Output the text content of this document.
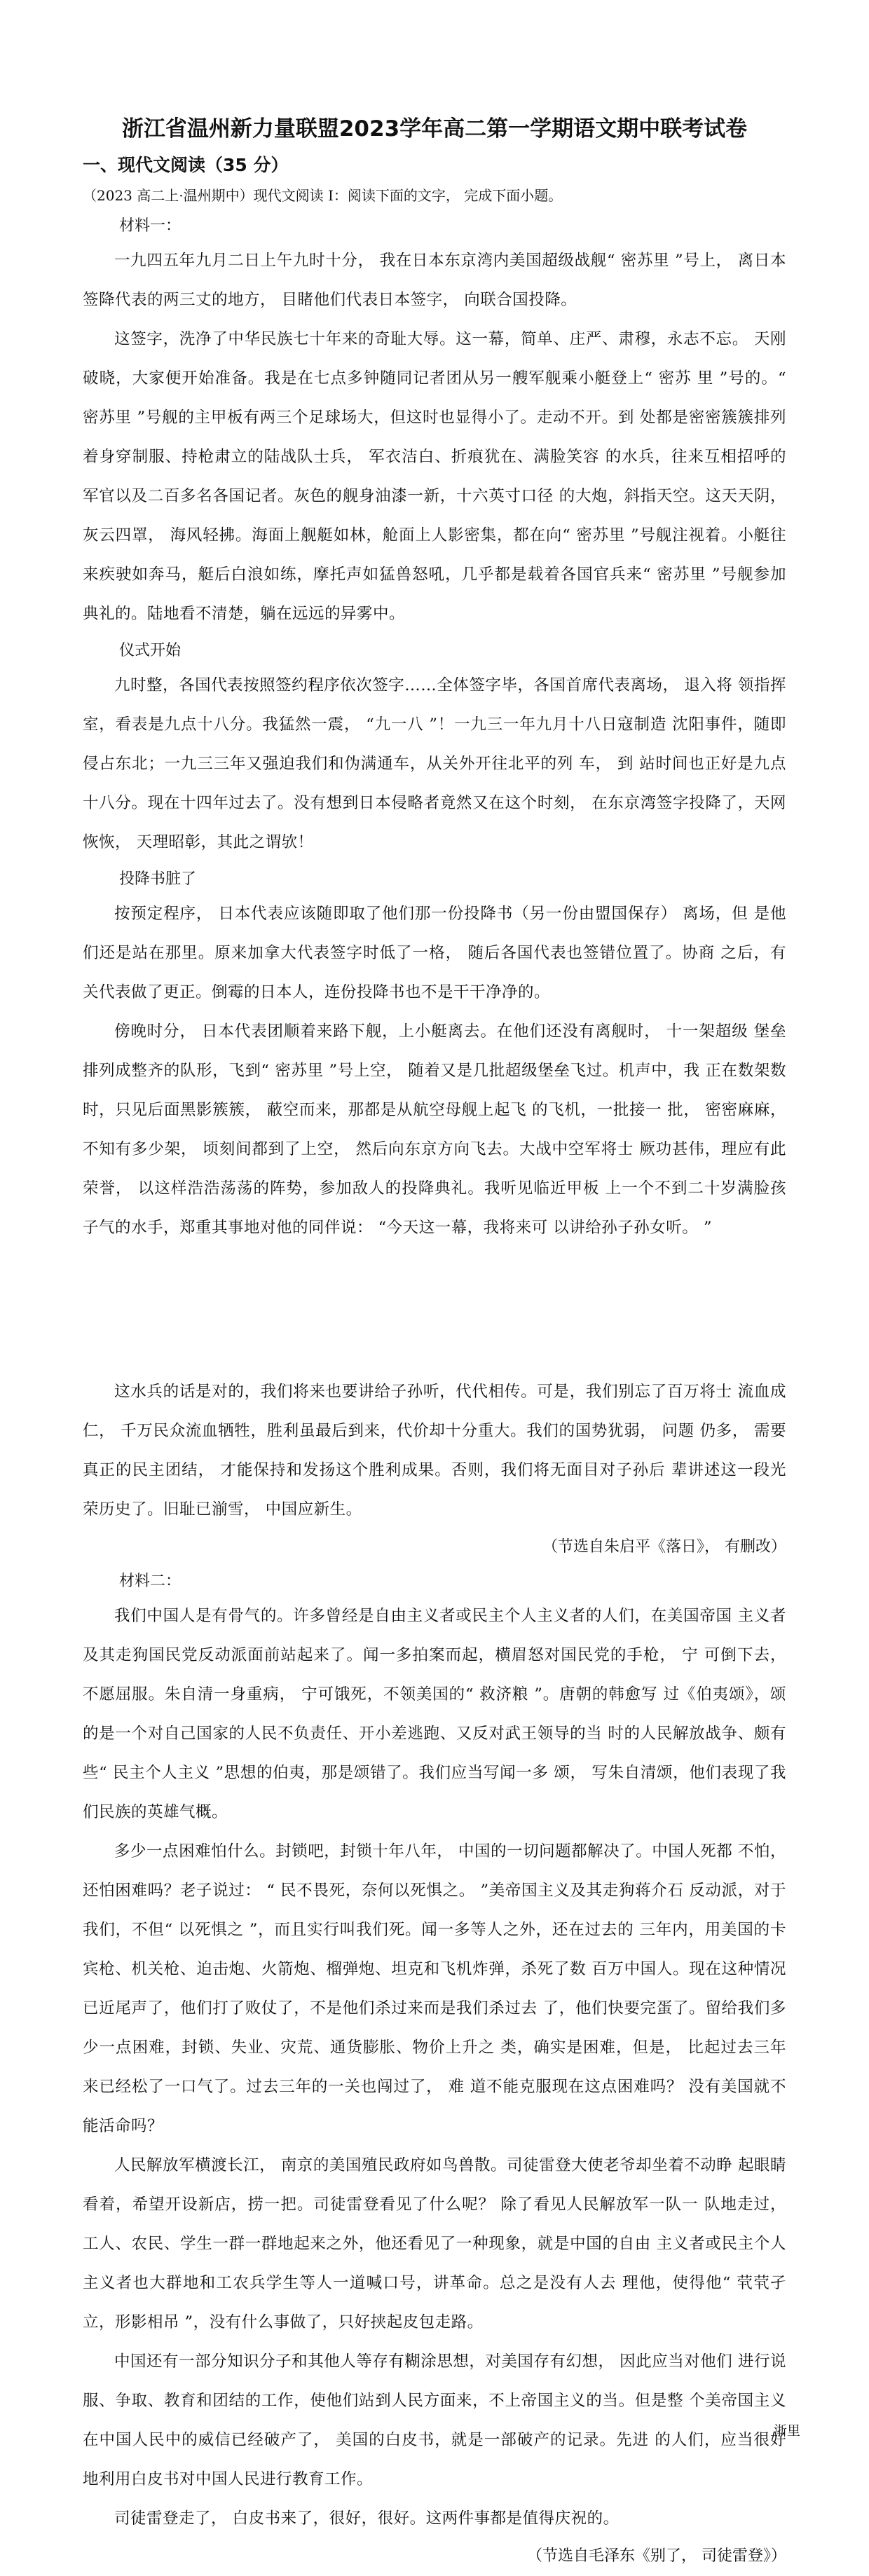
浙江省温州新力量联盟2023学年高二第一学期语文期中联考试卷
一、现代文阅读（35 分）

（2023 高二上·温州期中）现代文阅读 Ⅰ：阅读下面的文字， 完成下面小题。

材料一：

一九四五年九月二日上午九时十分， 我在日本东京湾内美国超级战舰“ 密苏里 ”号上， 离日本签降代表的两三丈的地方， 目睹他们代表日本签字， 向联合国投降。

这签字，洗净了中华民族七十年来的奇耻大辱。这一幕，简单、庄严、肃穆，永志不忘。 天刚破晓，大家便开始准备。我是在七点多钟随同记者团从另一艘军舰乘小艇登上“ 密苏 里 ”号的。“ 密苏里 ”号舰的主甲板有两三个足球场大，但这时也显得小了。走动不开。到 处都是密密簇簇排列着身穿制服、持枪肃立的陆战队士兵， 军衣洁白、折痕犹在、满脸笑容 的水兵，往来互相招呼的军官以及二百多名各国记者。灰色的舰身油漆一新，十六英寸口径 的大炮，斜指天空。这天天阴，灰云四罩， 海风轻拂。海面上舰艇如林，舱面上人影密集，都在向“ 密苏里 ”号舰注视着。小艇往来疾驶如奔马，艇后白浪如练，摩托声如猛兽怒吼，几乎都是载着各国官兵来“ 密苏里 ”号舰参加典礼的。陆地看不清楚，躺在远远的异雾中。

仪式开始

九时整，各国代表按照签约程序依次签字……全体签字毕，各国首席代表离场， 退入将 领指挥室，看表是九点十八分。我猛然一震， “九一八 ”！一九三一年九月十八日寇制造 沈阳事件，随即侵占东北；一九三三年又强迫我们和伪满通车，从关外开往北平的列 车， 到 站时间也正好是九点十八分。现在十四年过去了。没有想到日本侵略者竟然又在这个时刻， 在东京湾签字投降了，天网恢恢， 天理昭彰，其此之谓欤！

投降书脏了

按预定程序， 日本代表应该随即取了他们那一份投降书（另一份由盟国保存） 离场，但 是他们还是站在那里。原来加拿大代表签字时低了一格， 随后各国代表也签错位置了。协商 之后，有关代表做了更正。倒霉的日本人，连份投降书也不是干干净净的。

傍晚时分， 日本代表团顺着来路下舰，上小艇离去。在他们还没有离舰时， 十一架超级 堡垒排列成整齐的队形，飞到“ 密苏里 ”号上空， 随着又是几批超级堡垒飞过。机声中，我 正在数架数时，只见后面黑影簇簇， 蔽空而来，那都是从航空母舰上起飞 的飞机，一批接一 批， 密密麻麻，不知有多少架， 顷刻间都到了上空， 然后向东京方向飞去。大战中空军将士 厥功甚伟，理应有此荣誉， 以这样浩浩荡荡的阵势，参加敌人的投降典礼。我听见临近甲板 上一个不到二十岁满脸孩子气的水手，郑重其事地对他的同伴说： “今天这一幕，我将来可 以讲给孙子孙女听。 ”

这水兵的话是对的，我们将来也要讲给子孙听，代代相传。可是，我们别忘了百万将士 流血成仁， 千万民众流血牺牲，胜利虽最后到来，代价却十分重大。我们的国势犹弱， 问题 仍多， 需要真正的民主团结， 才能保持和发扬这个胜利成果。否则，我们将无面目对子孙后 辈讲述这一段光荣历史了。旧耻已湔雪， 中国应新生。

（节选自朱启平《落日》， 有删改）

材料二：

我们中国人是有骨气的。许多曾经是自由主义者或民主个人主义者的人们，在美国帝国 主义者及其走狗国民党反动派面前站起来了。闻一多拍案而起，横眉怒对国民党的手枪， 宁 可倒下去，不愿屈服。朱自清一身重病， 宁可饿死，不领美国的“ 救济粮 ”。唐朝的韩愈写 过《伯夷颂》，颂的是一个对自己国家的人民不负责任、开小差逃跑、又反对武王领导的当 时的人民解放战争、颇有些“ 民主个人主义 ”思想的伯夷，那是颂错了。我们应当写闻一多 颂， 写朱自清颂，他们表现了我们民族的英雄气概。

多少一点困难怕什么。封锁吧，封锁十年八年， 中国的一切问题都解决了。中国人死都 不怕，还怕困难吗？老子说过： “ 民不畏死，奈何以死惧之。 ”美帝国主义及其走狗蒋介石 反动派，对于我们，不但“ 以死惧之 ”，而且实行叫我们死。闻一多等人之外，还在过去的 三年内，用美国的卡宾枪、机关枪、迫击炮、火箭炮、榴弹炮、坦克和飞机炸弹，杀死了数 百万中国人。现在这种情况已近尾声了，他们打了败仗了，不是他们杀过来而是我们杀过去 了，他们快要完蛋了。留给我们多少一点困难，封锁、失业、灾荒、通货膨胀、物价上升之 类，确实是困难，但是， 比起过去三年来已经松了一口气了。过去三年的一关也闯过了， 难 道不能克服现在这点困难吗？ 没有美国就不能活命吗？

人民解放军横渡长江， 南京的美国殖民政府如鸟兽散。司徒雷登大使老爷却坐着不动睁 起眼睛看着，希望开设新店，捞一把。司徒雷登看见了什么呢？ 除了看见人民解放军一队一 队地走过，工人、农民、学生一群一群地起来之外，他还看见了一种现象，就是中国的自由 主义者或民主个人主义者也大群地和工农兵学生等人一道喊口号，讲革命。总之是没有人去 理他，使得他“ 茕茕孑立，形影相吊 ”，没有什么事做了，只好挟起皮包走路。

中国还有一部分知识分子和其他人等存有糊涂思想，对美国存有幻想， 因此应当对他们 进行说服、争取、教育和团结的工作，使他们站到人民方面来，不上帝国主义的当。但是整 个美帝国主义在中国人民中的威信已经破产了， 美国的白皮书，就是一部破产的记录。先进 的人们，应当很好地利用白皮书对中国人民进行教育工作。

司徒雷登走了， 白皮书来了，很好，很好。这两件事都是值得庆祝的。

（节选自毛泽东《别了， 司徒雷登》）

浙里
